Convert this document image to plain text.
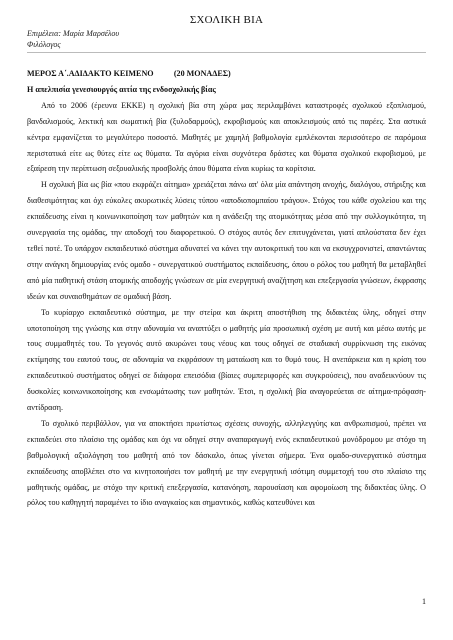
ΣΧΟΛΙΚΗ ΒΙΑ
Επιμέλεια: Μαρία Μαρσέλου
Φιλόλογος
ΜΕΡΟΣ Α΄.ΑΔΙΔΑΚΤΟ ΚΕΙΜΕΝΟ          (20 ΜΟΝΑΔΕΣ)
Η απελπισία γενεσιουργός αιτία της ενδοσχολικής βίας

Από το 2006 (έρευνα ΕΚΚΕ) η σχολική βία στη χώρα μας περιλαμβάνει καταστροφές σχολικού εξοπλισμού, βανδαλισμούς, λεκτική και σωματική βία (ξυλοδαρμούς), εκφοβισμούς και αποκλεισμούς από τις παρέες. Στα αστικά κέντρα εμφανίζεται το μεγαλύτερο ποσοστό. Μαθητές με χαμηλή βαθμολογία εμπλέκονται περισσότερο σε παρόμοια περιστατικά είτε ως θύτες είτε ως θύματα. Τα αγόρια είναι συχνότερα δράστες και θύματα σχολικού εκφοβισμού, με εξαίρεση την περίπτωση σεξουαλικής προσβολής όπου θύματα είναι κυρίως τα κορίτσια.

Η σχολική βία ως βία «που εκφράζει αίτημα» χρειάζεται πάνω απ' όλα μία απάντηση ανοχής, διαλόγου, στήριξης και διαθεσιμότητας και όχι εύκολες ακυρωτικές λύσεις τύπου «αποδιοπομπαίου τράγου». Στόχος του κάθε σχολείου και της εκπαίδευσης είναι η κοινωνικοποίηση των μαθητών και η ανάδειξη της ατομικότητας μέσα από την συλλογικότητα, τη συνεργασία της ομάδας, την αποδοχή του διαφορετικού. Ο στόχος αυτός δεν επιτυγχάνεται, γιατί απλούστατα δεν έχει τεθεί ποτέ. Το υπάρχον εκπαιδευτικό σύστημα αδυνατεί να κάνει την αυτοκριτική του και να εκσυγχρονιστεί, απαντώντας στην ανάγκη δημιουργίας ενός ομαδο - συνεργατικού συστήματος εκπαίδευσης, όπου ο ρόλος του μαθητή θα μεταβληθεί από μία παθητική στάση ατομικής αποδοχής γνώσεων σε μία ενεργητική αναζήτηση και επεξεργασία γνώσεων, έκφρασης ιδεών και συναισθημάτων σε ομαδική βάση.

Το κυρίαρχο εκπαιδευτικό σύστημα, με την στείρα και άκριτη αποστήθιση της διδακτέας ύλης, οδηγεί στην υποτοποίηση της γνώσης και στην αδυναμία να αναπτύξει ο μαθητής μία προσωπική σχέση με αυτή και μέσω αυτής με τους συμμαθητές του. Το γεγονός αυτό ακυρώνει τους νέους και τους οδηγεί σε σταδιακή συρρίκνωση της εικόνας εκτίμησης του εαυτού τους, σε αδυναμία να εκφράσουν τη ματαίωση και το θυμό τους. Η ανεπάρκεια και η κρίση του εκπαιδευτικού συστήματος οδηγεί σε διάφορα επεισόδια (βίαιες συμπεριφορές και συγκρούσεις), που αναδεικνύουν τις δυσκολίες κοινωνικοποίησης και ενσωμάτωσης των μαθητών. Έτσι, η σχολική βία αναγορεύεται σε αίτημα-πρόφαση-αντίδραση.

Το σχολικό περιβάλλον, για να αποκτήσει πρωτίστως σχέσεις συνοχής, αλληλεγγύης και ανθρωπισμού, πρέπει να εκπαιδεύει στο πλαίσιο της ομάδας και όχι να οδηγεί στην αναπαραγωγή ενός εκπαιδευτικού μονόδρομου με στόχο τη βαθμολογική αξιολόγηση του μαθητή από τον δάσκαλο, όπως γίνεται σήμερα. Ένα ομαδο-συνεργατικό σύστημα εκπαίδευσης αποβλέπει στο να κινητοποιήσει τον μαθητή με την ενεργητική ισότιμη συμμετοχή του στο πλαίσιο της μαθητικής ομάδας, με στόχο την κριτική επεξεργασία, κατανόηση, παρουσίαση και αφομοίωση της διδακτέας ύλης. Ο ρόλος του καθηγητή παραμένει το ίδιο αναγκαίος και σημαντικός, καθώς κατευθύνει και

1
